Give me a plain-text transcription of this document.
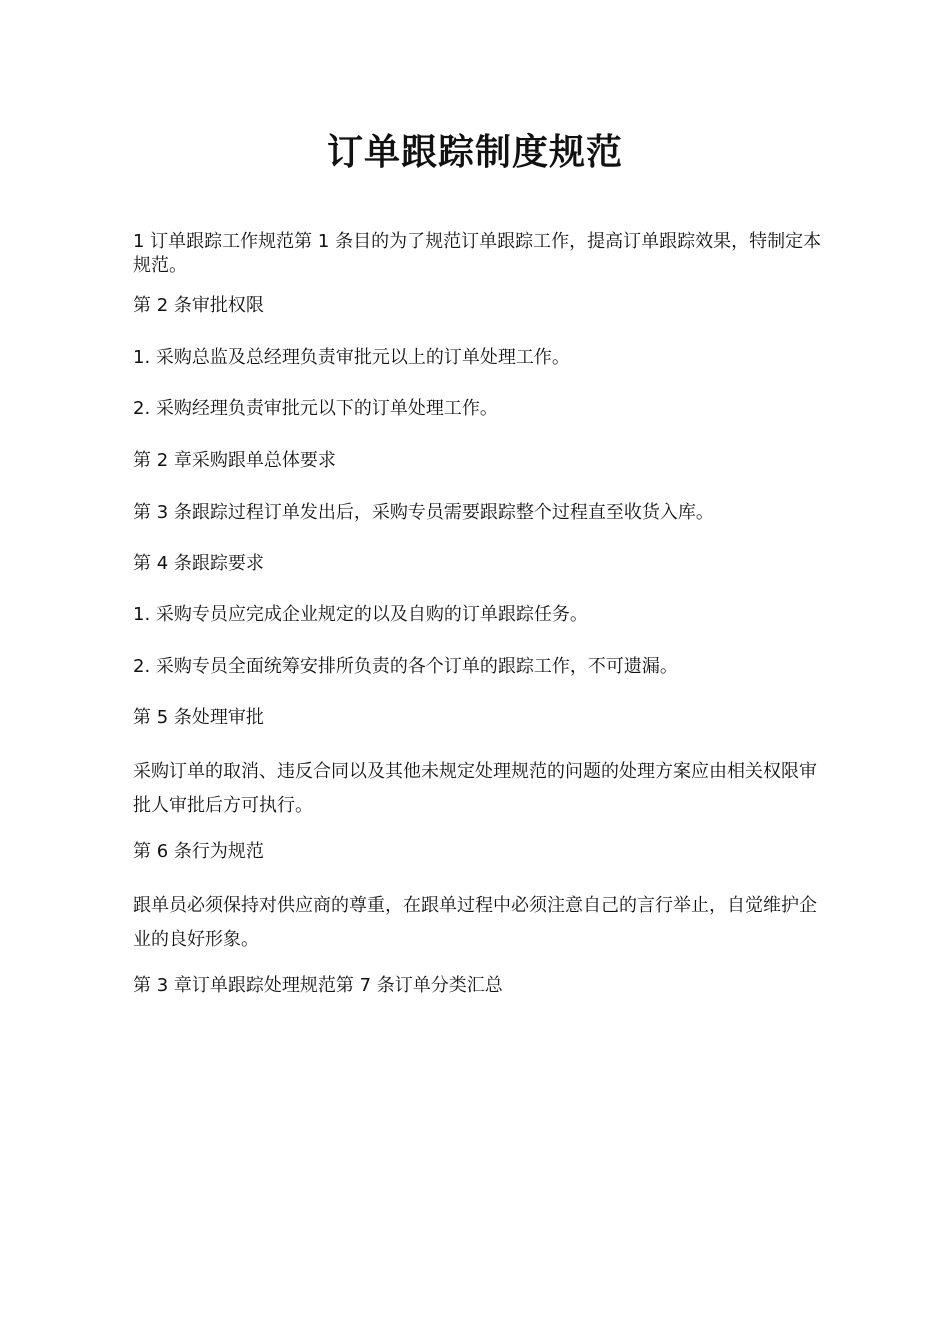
订单跟踪制度规范
1 订单跟踪工作规范第 1 条目的为了规范订单跟踪工作，提高订单跟踪效果，特制定本规范。
第 2 条审批权限
1. 采购总监及总经理负责审批元以上的订单处理工作。
2. 采购经理负责审批元以下的订单处理工作。
第 2 章采购跟单总体要求
第 3 条跟踪过程订单发出后，采购专员需要跟踪整个过程直至收货入库。
第 4 条跟踪要求
1. 采购专员应完成企业规定的以及自购的订单跟踪任务。
2. 采购专员全面统筹安排所负责的各个订单的跟踪工作，不可遗漏。
第 5 条处理审批
采购订单的取消、违反合同以及其他未规定处理规范的问题的处理方案应由相关权限审批人审批后方可执行。
第 6 条行为规范
跟单员必须保持对供应商的尊重，在跟单过程中必须注意自己的言行举止，自觉维护企业的良好形象。
第 3 章订单跟踪处理规范第 7 条订单分类汇总
